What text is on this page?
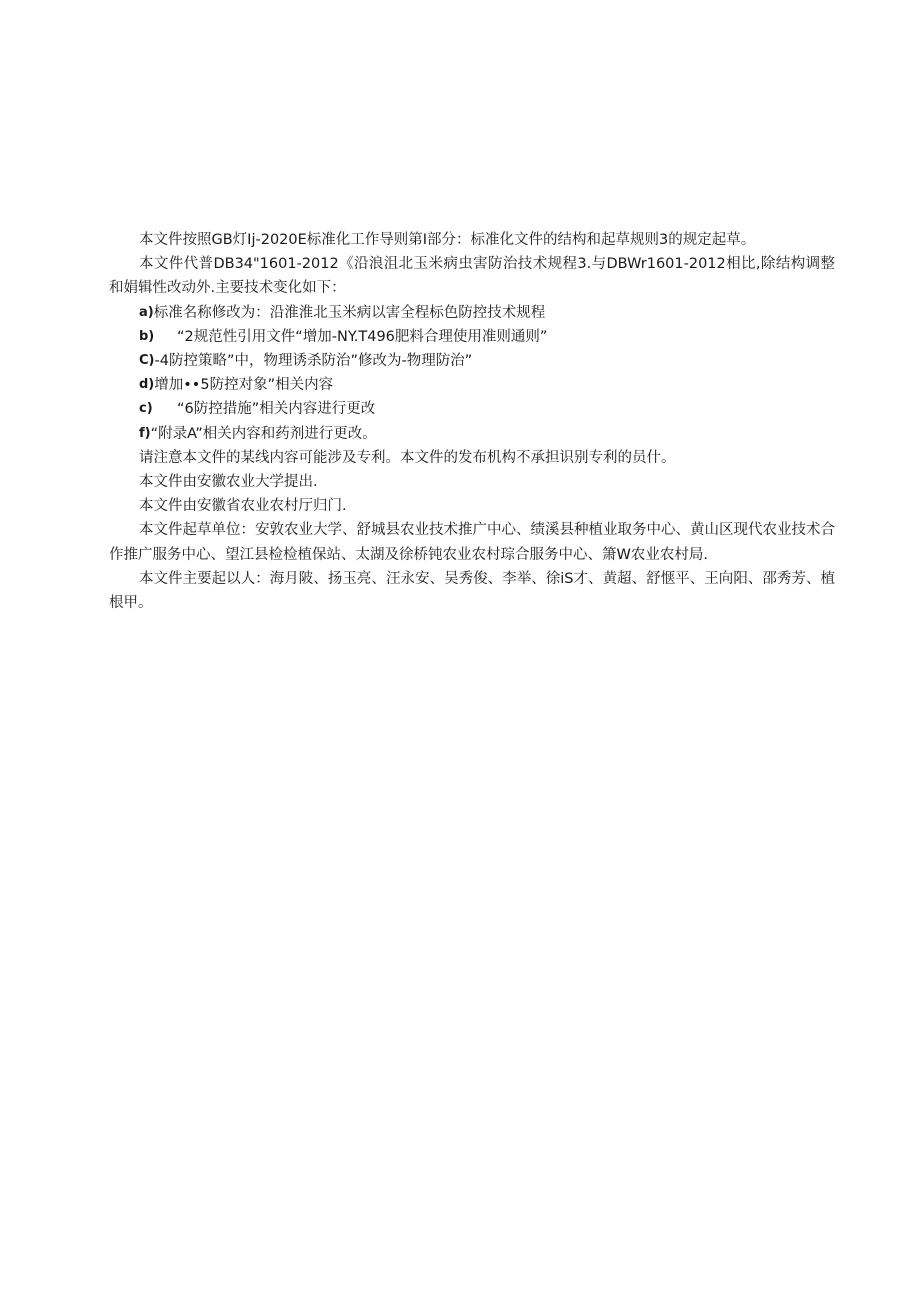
本文件按照GB灯Ij-2020E标准化工作导则第I部分：标准化文件的结构和起草规则3的规定起草。

本文件代普DB34"1601-2012《沿浪沮北玉米病虫害防治技术规程3.与DBWr1601-2012相比,除结构调整和娟辑性改动外.主要技术变化如下：

a) 标准名称修改为：沿淮淮北玉米病以害全程标色防控技术规程
b)	“2规范性引用文件“增加-NY.T496肥料合理使用准则通则”
C) -4防控策略”中，物理诱杀防治”修改为-物理防治”
d) 增加••5防控对象”相关内容
c)	“6防控措施”相关内容进行更改
f) “附录A”相关内容和药剂进行更改。

请注意本文件的某线内容可能涉及专利。本文件的发布机构不承担识别专利的员什。

本文件由安徽农业大学提出.

本文件由安徽省农业农村厅归门.

本文件起草单位：安敦农业大学、舒城县农业技术推广中心、绩溪县种植业取务中心、黄山区现代农业技术合作推广服务中心、望江县检检植保站、太湖及徐桥钝农业农村琮合服务中心、箫W农业农村局.

本文件主要起以人：海月陂、扬玉亮、汪永安、吴秀俊、李举、徐iS才、黄超、舒惬平、王向阳、邵秀芳、植根甲。
